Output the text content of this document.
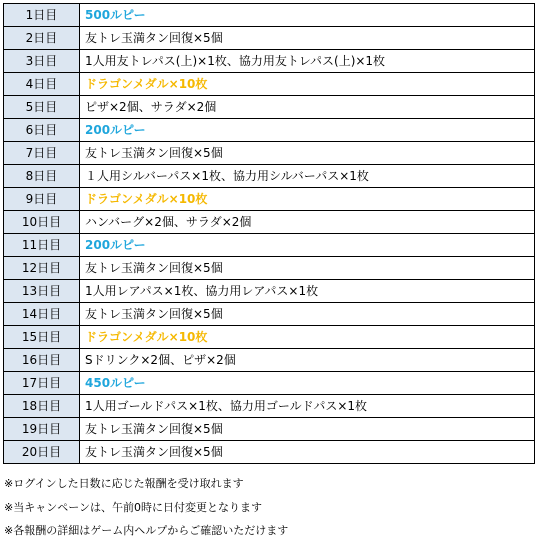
1日目	500ルピー
2日目	友トレ玉満タン回復×5個
3日目	1人用友トレパス(上)×1枚、協力用友トレパス(上)×1枚
4日目	ドラゴンメダル×10枚
5日目	ピザ×2個、サラダ×2個
6日目	200ルピー
7日目	友トレ玉満タン回復×5個
8日目	１人用シルバーパス×1枚、協力用シルバーパス×1枚
9日目	ドラゴンメダル×10枚
10日目	ハンバーグ×2個、サラダ×2個
11日目	200ルピー
12日目	友トレ玉満タン回復×5個
13日目	1人用レアパス×1枚、協力用レアパス×1枚
14日目	友トレ玉満タン回復×5個
15日目	ドラゴンメダル×10枚
16日目	Sドリンク×2個、ピザ×2個
17日目	450ルピー
18日目	1人用ゴールドパス×1枚、協力用ゴールドパス×1枚
19日目	友トレ玉満タン回復×5個
20日目	友トレ玉満タン回復×5個
※ログインした日数に応じた報酬を受け取れます
※当キャンペーンは、午前0時に日付変更となります
※各報酬の詳細はゲーム内ヘルプからご確認いただけます
